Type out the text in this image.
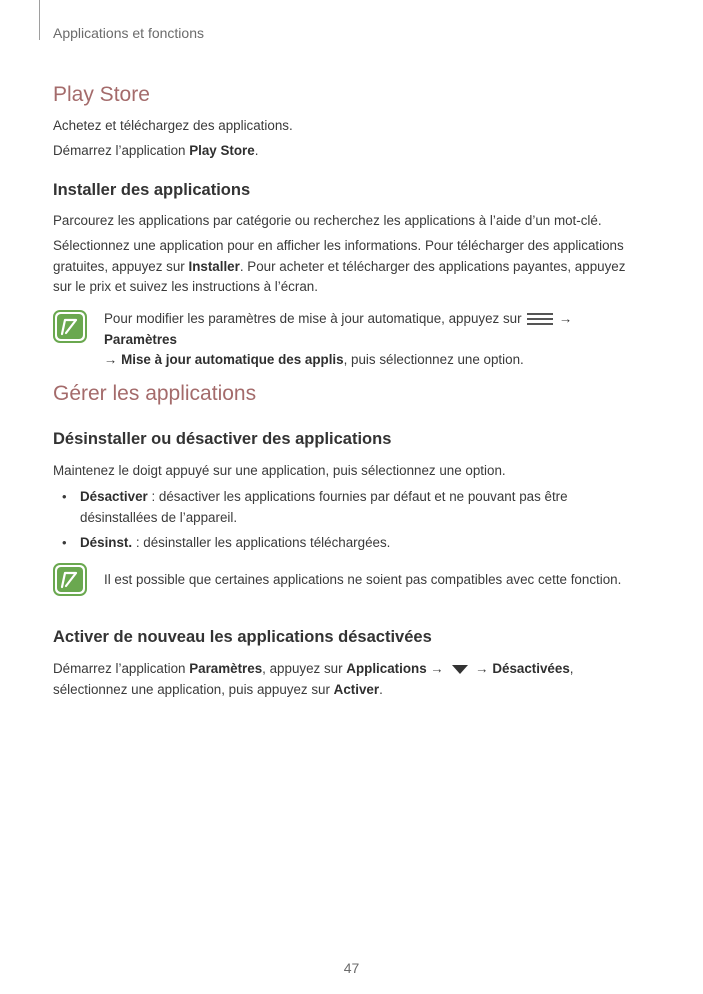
Applications et fonctions
Play Store

Achetez et téléchargez des applications.

Démarrez l’application Play Store.

Installer des applications

Parcourez les applications par catégorie ou recherchez les applications à l’aide d’un mot-clé.

Sélectionnez une application pour en afficher les informations. Pour télécharger des applications gratuites, appuyez sur Installer. Pour acheter et télécharger des applications payantes, appuyez sur le prix et suivez les instructions à l’écran.

Pour modifier les paramètres de mise à jour automatique, appuyez sur	→ Paramètres
→ Mise à jour automatique des applis, puis sélectionnez une option.

Gérer les applications
Désinstaller ou désactiver des applications

Maintenez le doigt appuyé sur une application, puis sélectionnez une option.

• Désactiver : désactiver les applications fournies par défaut et ne pouvant pas être désinstallées de l’appareil.

• Désinst. : désinstaller les applications téléchargées.

Il est possible que certaines applications ne soient pas compatibles avec cette fonction.

Activer de nouveau les applications désactivées

Démarrez l’application Paramètres, appuyez sur Applications →  → Désactivées, sélectionnez une application, puis appuyez sur Activer.

47
